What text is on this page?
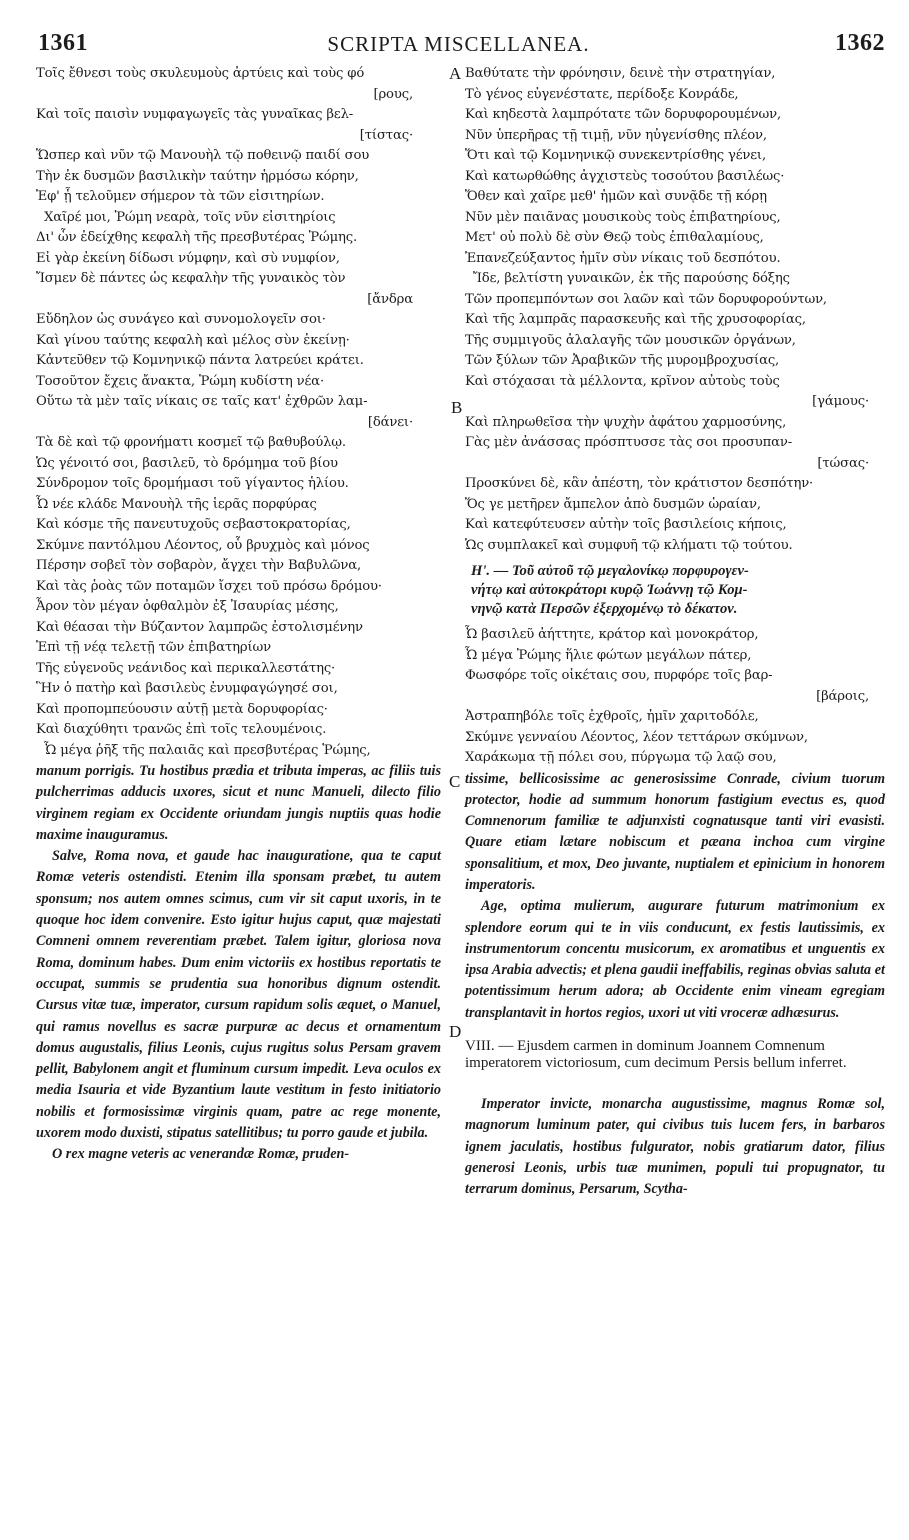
1361	SCRIPTA MISCELLANEA.	1362
A
B
C
D
Τοῖς ἔθνεσι τοὺς σκυλευμοὺς ἀρτύεις καὶ τοὺς φό
[ρους,
Καὶ τοῖς παισὶν νυμφαγωγεῖς τὰς γυναῖκας βελ-
[τίστας·
Ὥσπερ καὶ νῦν τῷ Μανουὴλ τῷ ποθεινῷ παιδί σου
Τὴν ἐκ δυσμῶν βασιλικὴν ταύτην ἡρμόσω κόρην,
Ἐφ' ᾗ τελοῦμεν σήμερον τὰ τῶν εἰσιτηρίων.
Χαῖρέ μοι, Ῥώμη νεαρὰ, τοῖς νῦν εἰσιτηρίοις
Δι' ὧν ἐδείχθης κεφαλὴ τῆς πρεσβυτέρας Ῥώμης.
Εἰ γὰρ ἐκείνη δίδωσι νύμφην, καὶ σὺ νυμφίον,
Ἴσμεν δὲ πάντες ὡς κεφαλὴν τῆς γυναικὸς τὸν
[ἄνδρα
Εὔδηλον ὡς συνάγεο καὶ συνομολογεῖν σοι·
Καὶ γίνου ταύτης κεφαλὴ καὶ μέλος σὺν ἐκείνῃ·
Κἀντεῦθεν τῷ Κομνηνικῷ πάντα λατρεύει κράτει.
Τοσοῦτον ἔχεις ἄνακτα, Ῥώμη κυδίστη νέα·
Οὕτω τὰ μὲν ταῖς νίκαις σε ταῖς κατ' ἐχθρῶν λαμ-
[δάνει·
Τὰ δὲ καὶ τῷ φρονήματι κοσμεῖ τῷ βαθυβούλῳ.
Ὡς γένοιτό σοι, βασιλεῦ, τὸ δρόμημα τοῦ βίου
Σύνδρομον τοῖς δρομήμασι τοῦ γίγαντος ἡλίου.
Ὦ νέε κλάδε Μανουὴλ τῆς ἱερᾶς πορφύρας
Καὶ κόσμε τῆς πανευτυχοῦς σεβαστοκρατορίας,
Σκύμνε παντόλμου Λέοντος, οὗ βρυχμὸς καὶ μόνος
Πέρσην σοβεῖ τὸν σοβαρὸν, ἄγχει τὴν Βαβυλῶνα,
Καὶ τὰς ῥοὰς τῶν ποταμῶν ἴσχει τοῦ πρόσω δρόμου·
Ἆρον τὸν μέγαν ὀφθαλμὸν ἐξ Ἰσαυρίας μέσης,
Καὶ θέασαι τὴν Βύζαντον λαμπρῶς ἐστολισμένην
Ἐπὶ τῇ νέᾳ τελετῇ τῶν ἐπιβατηρίων
Τῆς εὐγενοῦς νεάνιδος καὶ περικαλλεστάτης·
Ἣν ὁ πατὴρ καὶ βασιλεὺς ἐνυμφαγώγησέ σοι,
Καὶ προπομπεύουσιν αὐτῇ μετὰ δορυφορίας·
Καὶ διαχύθητι τρανῶς ἐπὶ τοῖς τελουμένοις.
Ὦ μέγα ῥῆξ τῆς παλαιᾶς καὶ πρεσβυτέρας Ῥώμης,

manum porrigis. Tu hostibus prædia et tributa imperas, ac filiis tuis pulcherrimas adducis uxores, sicut et nunc Manueli, dilecto filio virginem regiam ex Occidente oriundam jungis nuptiis quas hodie maxime inauguramus.

Salve, Roma nova, et gaude hac inauguratione, qua te caput Romæ veteris ostendisti. Etenim illa sponsam præbet, tu autem sponsum; nos autem omnes scimus, cum vir sit caput uxoris, in te quoque hoc idem convenire. Esto igitur hujus caput, quæ majestati Comneni omnem reverentiam præbet. Talem igitur, gloriosa nova Roma, dominum habes. Dum enim victoriis ex hostibus reportatis te occupat, summis se prudentia sua honoribus dignum ostendit. Cursus vitæ tuæ, imperator, cursum rapidum solis æquet, o Manuel, qui ramus novellus es sacræ purpuræ ac decus et ornamentum domus augustalis, filius Leonis, cujus rugitus solus Persam gravem pellit, Babylonem angit et fluminum cursum impedit. Leva oculos ex media Isauria et vide Byzantium laute vestitum in festo initiatorio nobilis et formosissimæ virginis quam, patre ac rege monente, uxorem modo duxisti, stipatus satellitibus; tu porro gaude et jubila.

O rex magne veteris ac venerandæ Romæ, pruden-

Βαθύτατε τὴν φρόνησιν, δεινὲ τὴν στρατηγίαν,
Τὸ γένος εὐγενέστατε, περίδοξε Κονράδε,
Καὶ κηδεστὰ λαμπρότατε τῶν δορυφορουμένων,
Νῦν ὑπερῆρας τῇ τιμῇ, νῦν ηὐγενίσθης πλέον,
Ὅτι καὶ τῷ Κομνηνικῷ συνεκεντρίσθης γένει,
Καὶ κατωρθώθης ἀγχιστεὺς τοσούτου βασιλέως·
Ὅθεν καὶ χαῖρε μεθ' ἡμῶν καὶ συνᾷδε τῇ κόρῃ
Νῦν μὲν παιᾶνας μουσικοὺς τοὺς ἐπιβατηρίους,
Μετ' οὐ πολὺ δὲ σὺν Θεῷ τοὺς ἐπιθαλαμίους,
Ἐπανεζεύξαντος ἡμῖν σὺν νίκαις τοῦ δεσπότου.
Ἴδε, βελτίστη γυναικῶν, ἐκ τῆς παρούσης δόξης
Τῶν προπεμπόντων σοι λαῶν καὶ τῶν δορυφορούντων,
Καὶ τῆς λαμπρᾶς παρασκευῆς καὶ τῆς χρυσοφορίας,
Τῆς συμμιγοῦς ἀλαλαγῆς τῶν μουσικῶν ὀργάνων,
Τῶν ξύλων τῶν Ἀραβικῶν τῆς μυρομβροχυσίας,
Καὶ στόχασαι τὰ μέλλοντα, κρῖνον αὐτοὺς τοὺς
[γάμους·
Καὶ πληρωθεῖσα τὴν ψυχὴν ἀφάτου χαρμοσύνης,
Γὰς μὲν ἀνάσσας πρόσπτυσσε τὰς σοι προσυπαν-
[τώσας·
Προσκύνει δὲ, κἂν ἀπέστη, τὸν κράτιστον δεσπότην·
Ὅς γε μετῆρεν ἄμπελον ἀπὸ δυσμῶν ὡραίαν,
Καὶ κατεφύτευσεν αὐτὴν τοῖς βασιλείοις κήποις,
Ὡς συμπλακεῖ καὶ συμφυῆ τῷ κλήματι τῷ τούτου.
Η'. — Τοῦ αὐτοῦ τῷ μεγαλονίκῳ πορφυρογεν-
νήτῳ καὶ αὐτοκράτορι κυρῷ Ἰωάννῃ τῷ Κομ-
νηνῷ κατὰ Περσῶν ἐξερχομένῳ τὸ δέκατον.
Ὦ βασιλεῦ ἀήττητε, κράτορ καὶ μονοκράτορ,
Ὦ μέγα Ῥώμης ἥλιε φώτων μεγάλων πάτερ,
Φωσφόρε τοῖς οἰκέταις σου, πυρφόρε τοῖς βαρ-
[βάροις,
Ἀστραπηβόλε τοῖς ἐχθροῖς, ἡμῖν χαριτοδόλε,
Σκύμνε γενναίου Λέοντος, λέον τεττάρων σκύμνων,
Χαράκωμα τῇ πόλει σου, πύργωμα τῷ λαῷ σου,

tissime, bellicosissime ac generosissime Conrade, civium tuorum protector, hodie ad summum honorum fastigium evectus es, quod Comnenorum familiæ te adjunxisti cognatusque tanti viri evasisti. Quare etiam lætare nobiscum et pæana inchoa cum virgine sponsalitium, et mox, Deo juvante, nuptialem et epinicium in honorem imperatoris.

Age, optima mulierum, augurare futurum matrimonium ex splendore eorum qui te in viis conducunt, ex festis lautissimis, ex instrumentorum concentu musicorum, ex aromatibus et unguentis ex ipsa Arabia advectis; et plena gaudii ineffabilis, reginas obvias saluta et potentissimum herum adora; ab Occidente enim vineam egregiam transplantavit in hortos regios, uxori ut viti vroceræ adhæsurus.

VIII. — Ejusdem carmen in dominum Joannem Comnenum imperatorem victoriosum, cum decimum Persis bellum inferret.

Imperator invicte, monarcha augustissime, magnus Romæ sol, magnorum luminum pater, qui civibus tuis lucem fers, in barbaros ignem jaculatis, hostibus fulgurator, nobis gratiarum dator, filius generosi Leonis, urbis tuæ munimen, populi tui propugnator, tu terrarum dominus, Persarum, Scytha-
